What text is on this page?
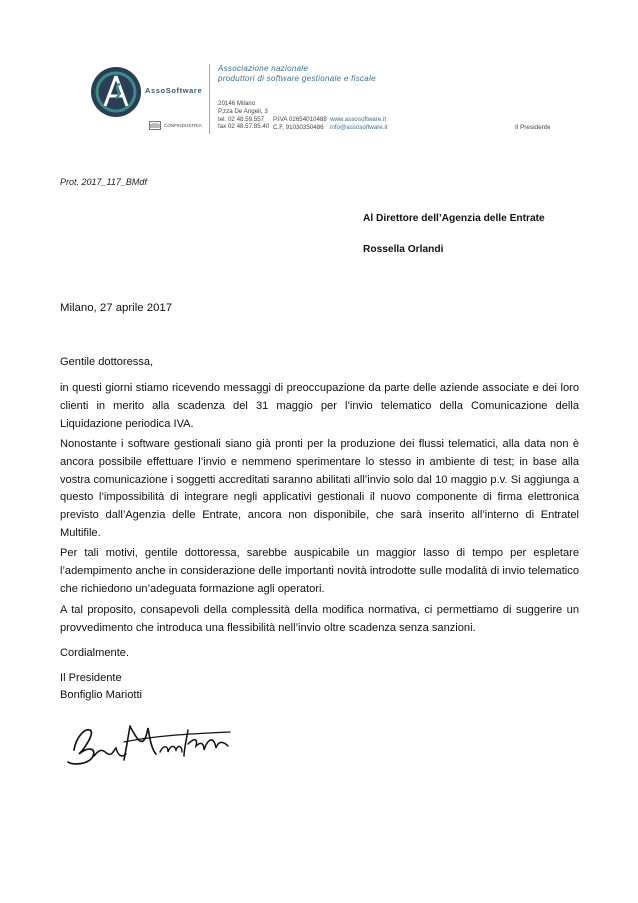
AssoSoftware
Associazione nazionale
produttori di software gestionale e fiscale
20146 Milano
P.zza De Angeli, 3
tel. 02 48.59.557
fax 02 48.57.85.40
P.IVA 02654010488
C.F. 91030350486
www.assosoftware.it
info@assosoftware.it
CONFINDUSTRIA	Il Presidente
Prot. 2017_117_BMdf
Al Direttore dell’Agenzia delle Entrate
Rossella Orlandi
Milano, 27 aprile 2017
Gentile dottoressa,

in questi giorni stiamo ricevendo messaggi di preoccupazione da parte delle aziende associate e dei loro clienti in merito alla scadenza del 31 maggio per l’invio telematico della Comunicazione della Liquidazione periodica IVA.

Nonostante i software gestionali siano già pronti per la produzione dei flussi telematici, alla data non è ancora possibile effettuare l’invio e nemmeno sperimentare lo stesso in ambiente di test; in base alla vostra comunicazione i soggetti accreditati saranno abilitati all’invio solo dal 10 maggio p.v. Si aggiunga a questo l’impossibilità di integrare negli applicativi gestionali il nuovo componente di firma elettronica previsto dall’Agenzia delle Entrate, ancora non disponibile, che sarà inserito all’interno di Entratel Multifile.

Per tali motivi, gentile dottoressa, sarebbe auspicabile un maggior lasso di tempo per espletare l’adempimento anche in considerazione delle importanti novità introdotte sulle modalità di invio telematico che richiedono un’adeguata formazione agli operatori.

A tal proposito, consapevoli della complessità della modifica normativa, ci permettiamo di suggerire un provvedimento che introduca una flessibilità nell’invio oltre scadenza senza sanzioni.

Cordialmente.
Il Presidente
Bonfiglio Mariotti
